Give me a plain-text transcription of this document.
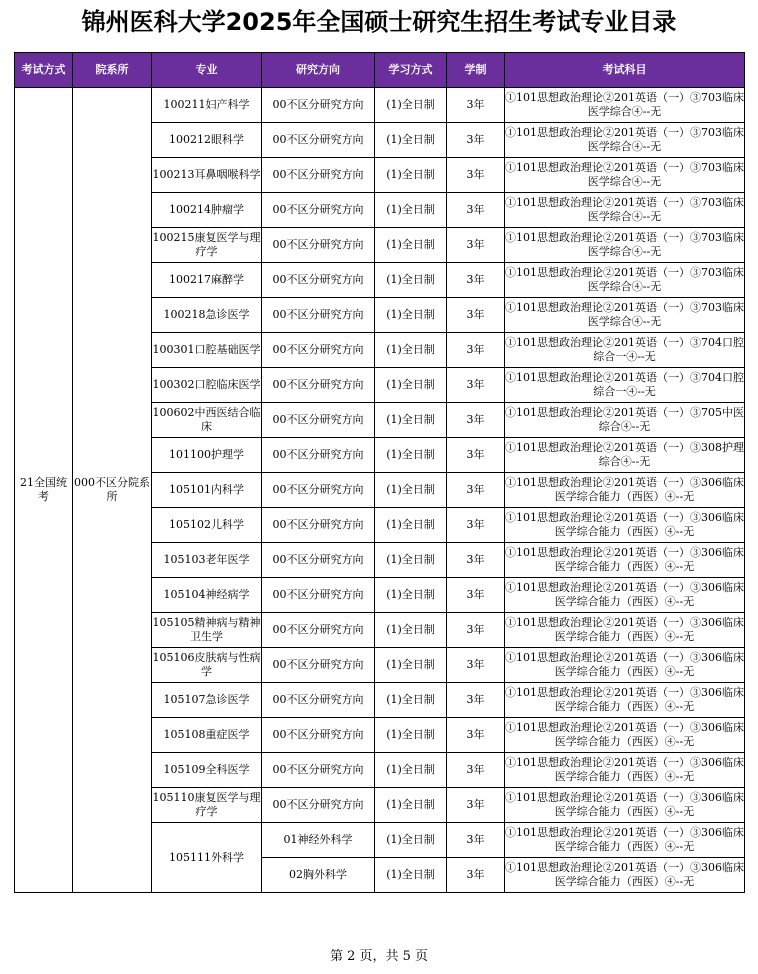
锦州医科大学2025年全国硕士研究生招生考试专业目录
考试方式	院系所	专业	研究方向	学习方式	学制	考试科目
21全国统考	000不区分院系所	100211妇产科学	00不区分研究方向	(1)全日制	3年	①101思想政治理论②201英语（一）③703临床医学综合④--无
		100212眼科学	00不区分研究方向	(1)全日制	3年	①101思想政治理论②201英语（一）③703临床医学综合④--无
		100213耳鼻咽喉科学	00不区分研究方向	(1)全日制	3年	①101思想政治理论②201英语（一）③703临床医学综合④--无
		100214肿瘤学	00不区分研究方向	(1)全日制	3年	①101思想政治理论②201英语（一）③703临床医学综合④--无
		100215康复医学与理疗学	00不区分研究方向	(1)全日制	3年	①101思想政治理论②201英语（一）③703临床医学综合④--无
		100217麻醉学	00不区分研究方向	(1)全日制	3年	①101思想政治理论②201英语（一）③703临床医学综合④--无
		100218急诊医学	00不区分研究方向	(1)全日制	3年	①101思想政治理论②201英语（一）③703临床医学综合④--无
		100301口腔基础医学	00不区分研究方向	(1)全日制	3年	①101思想政治理论②201英语（一）③704口腔综合一④--无
		100302口腔临床医学	00不区分研究方向	(1)全日制	3年	①101思想政治理论②201英语（一）③704口腔综合一④--无
		100602中西医结合临床	00不区分研究方向	(1)全日制	3年	①101思想政治理论②201英语（一）③705中医综合④--无
		101100护理学	00不区分研究方向	(1)全日制	3年	①101思想政治理论②201英语（一）③308护理综合④--无
		105101内科学	00不区分研究方向	(1)全日制	3年	①101思想政治理论②201英语（一）③306临床医学综合能力（西医）④--无
		105102儿科学	00不区分研究方向	(1)全日制	3年	①101思想政治理论②201英语（一）③306临床医学综合能力（西医）④--无
		105103老年医学	00不区分研究方向	(1)全日制	3年	①101思想政治理论②201英语（一）③306临床医学综合能力（西医）④--无
		105104神经病学	00不区分研究方向	(1)全日制	3年	①101思想政治理论②201英语（一）③306临床医学综合能力（西医）④--无
		105105精神病与精神卫生学	00不区分研究方向	(1)全日制	3年	①101思想政治理论②201英语（一）③306临床医学综合能力（西医）④--无
		105106皮肤病与性病学	00不区分研究方向	(1)全日制	3年	①101思想政治理论②201英语（一）③306临床医学综合能力（西医）④--无
		105107急诊医学	00不区分研究方向	(1)全日制	3年	①101思想政治理论②201英语（一）③306临床医学综合能力（西医）④--无
		105108重症医学	00不区分研究方向	(1)全日制	3年	①101思想政治理论②201英语（一）③306临床医学综合能力（西医）④--无
		105109全科医学	00不区分研究方向	(1)全日制	3年	①101思想政治理论②201英语（一）③306临床医学综合能力（西医）④--无
		105110康复医学与理疗学	00不区分研究方向	(1)全日制	3年	①101思想政治理论②201英语（一）③306临床医学综合能力（西医）④--无
		105111外科学	01神经外科学	(1)全日制	3年	①101思想政治理论②201英语（一）③306临床医学综合能力（西医）④--无
			02胸外科学	(1)全日制	3年	①101思想政治理论②201英语（一）③306临床医学综合能力（西医）④--无
第 2 页，共 5 页
